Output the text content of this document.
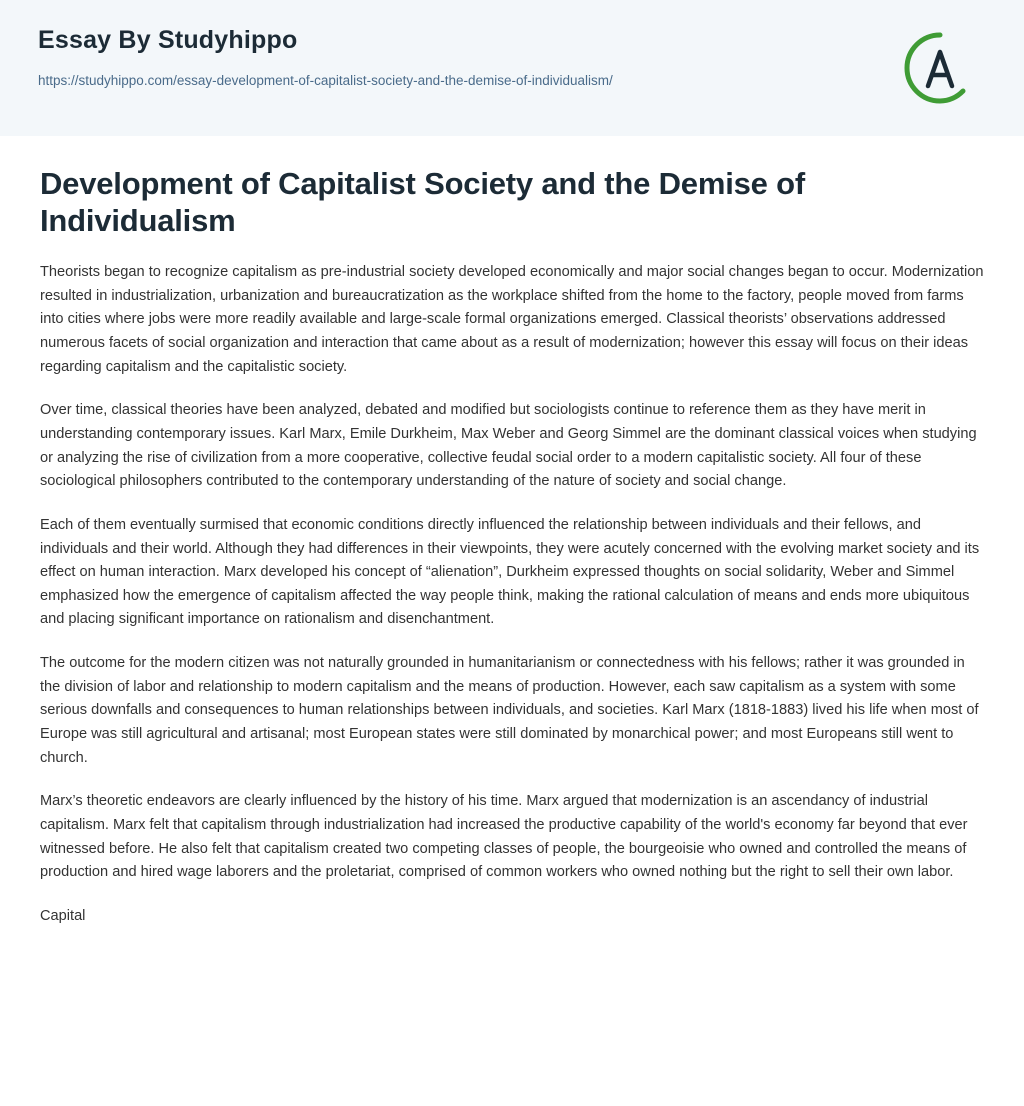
Essay By Studyhippo
https://studyhippo.com/essay-development-of-capitalist-society-and-the-demise-of-individualism/
Development of Capitalist Society and the Demise of Individualism

Theorists began to recognize capitalism as pre-industrial society developed economically and major social changes began to occur. Modernization resulted in industrialization, urbanization and bureaucratization as the workplace shifted from the home to the factory, people moved from farms into cities where jobs were more readily available and large-scale formal organizations emerged. Classical theorists’ observations addressed numerous facets of social organization and interaction that came about as a result of modernization; however this essay will focus on their ideas regarding capitalism and the capitalistic society.

Over time, classical theories have been analyzed, debated and modified but sociologists continue to reference them as they have merit in understanding contemporary issues. Karl Marx, Emile Durkheim, Max Weber and Georg Simmel are the dominant classical voices when studying or analyzing the rise of civilization from a more cooperative, collective feudal social order to a modern capitalistic society. All four of these sociological philosophers contributed to the contemporary understanding of the nature of society and social change.

Each of them eventually surmised that economic conditions directly influenced the relationship between individuals and their fellows, and individuals and their world. Although they had differences in their viewpoints, they were acutely concerned with the evolving market society and its effect on human interaction. Marx developed his concept of “alienation”, Durkheim expressed thoughts on social solidarity, Weber and Simmel emphasized how the emergence of capitalism affected the way people think, making the rational calculation of means and ends more ubiquitous and placing significant importance on rationalism and disenchantment.

The outcome for the modern citizen was not naturally grounded in humanitarianism or connectedness with his fellows; rather it was grounded in the division of labor and relationship to modern capitalism and the means of production. However, each saw capitalism as a system with some serious downfalls and consequences to human relationships between individuals, and societies. Karl Marx (1818-1883) lived his life when most of Europe was still agricultural and artisanal; most European states were still dominated by monarchical power; and most Europeans still went to church.

Marx’s theoretic endeavors are clearly influenced by the history of his time. Marx argued that modernization is an ascendancy of industrial capitalism. Marx felt that capitalism through industrialization had increased the productive capability of the world's economy far beyond that ever witnessed before. He also felt that capitalism created two competing classes of people, the bourgeoisie who owned and controlled the means of production and hired wage laborers and the proletariat, comprised of common workers who owned nothing but the right to sell their own labor.

Capital
